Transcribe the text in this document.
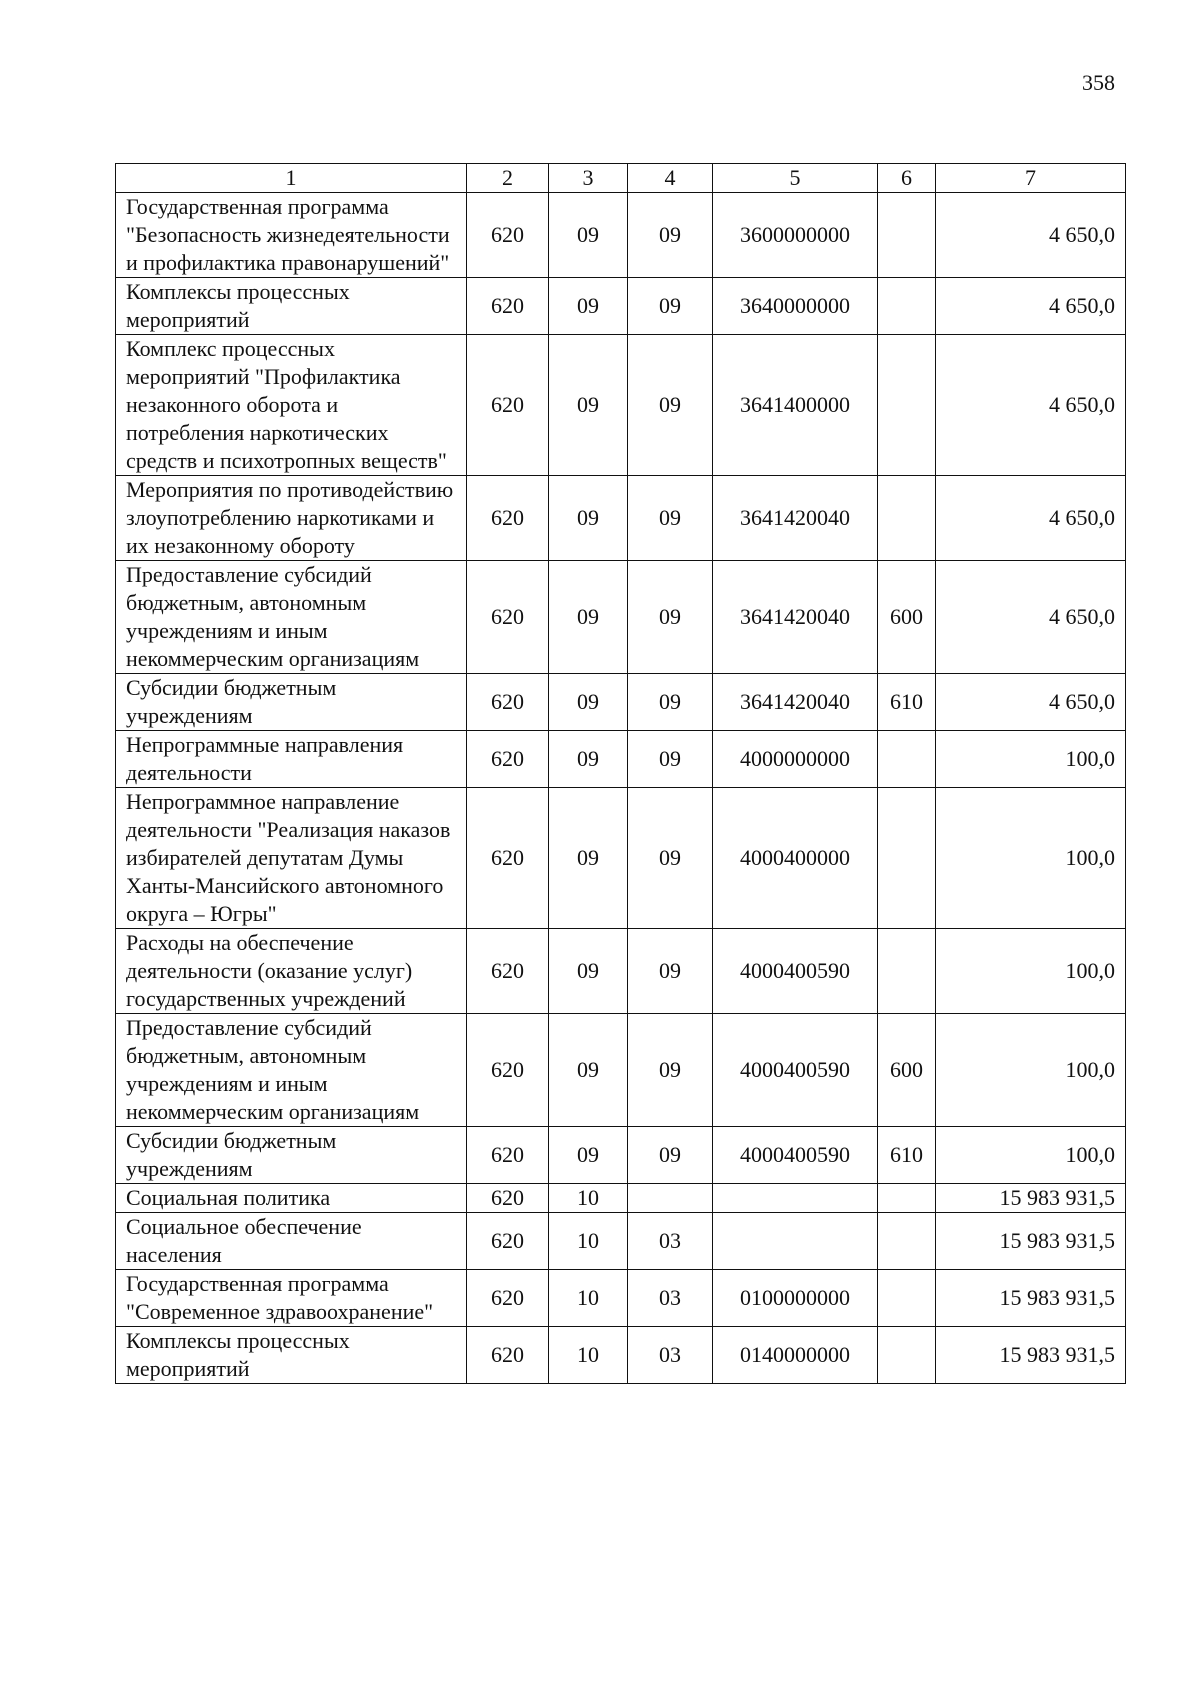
358
1	2	3	4	5	6	7
Государственная программа "Безопасность жизнедеятельности и профилактика правонарушений"	620	09	09	3600000000		4 650,0
Комплексы процессных мероприятий	620	09	09	3640000000		4 650,0
Комплекс процессных мероприятий "Профилактика незаконного оборота и потребления наркотических средств и психотропных веществ"	620	09	09	3641400000		4 650,0
Мероприятия по противодействию злоупотреблению наркотиками и их незаконному обороту	620	09	09	3641420040		4 650,0
Предоставление субсидий бюджетным, автономным учреждениям и иным некоммерческим организациям	620	09	09	3641420040	600	4 650,0
Субсидии бюджетным учреждениям	620	09	09	3641420040	610	4 650,0
Непрограммные направления деятельности	620	09	09	4000000000		100,0
Непрограммное направление деятельности "Реализация наказов избирателей депутатам Думы Ханты-Мансийского автономного округа – Югры"	620	09	09	4000400000		100,0
Расходы на обеспечение деятельности (оказание услуг) государственных учреждений	620	09	09	4000400590		100,0
Предоставление субсидий бюджетным, автономным учреждениям и иным некоммерческим организациям	620	09	09	4000400590	600	100,0
Субсидии бюджетным учреждениям	620	09	09	4000400590	610	100,0
Социальная политика	620	10				15 983 931,5
Социальное обеспечение населения	620	10	03			15 983 931,5
Государственная программа "Современное здравоохранение"	620	10	03	0100000000		15 983 931,5
Комплексы процессных мероприятий	620	10	03	0140000000		15 983 931,5
